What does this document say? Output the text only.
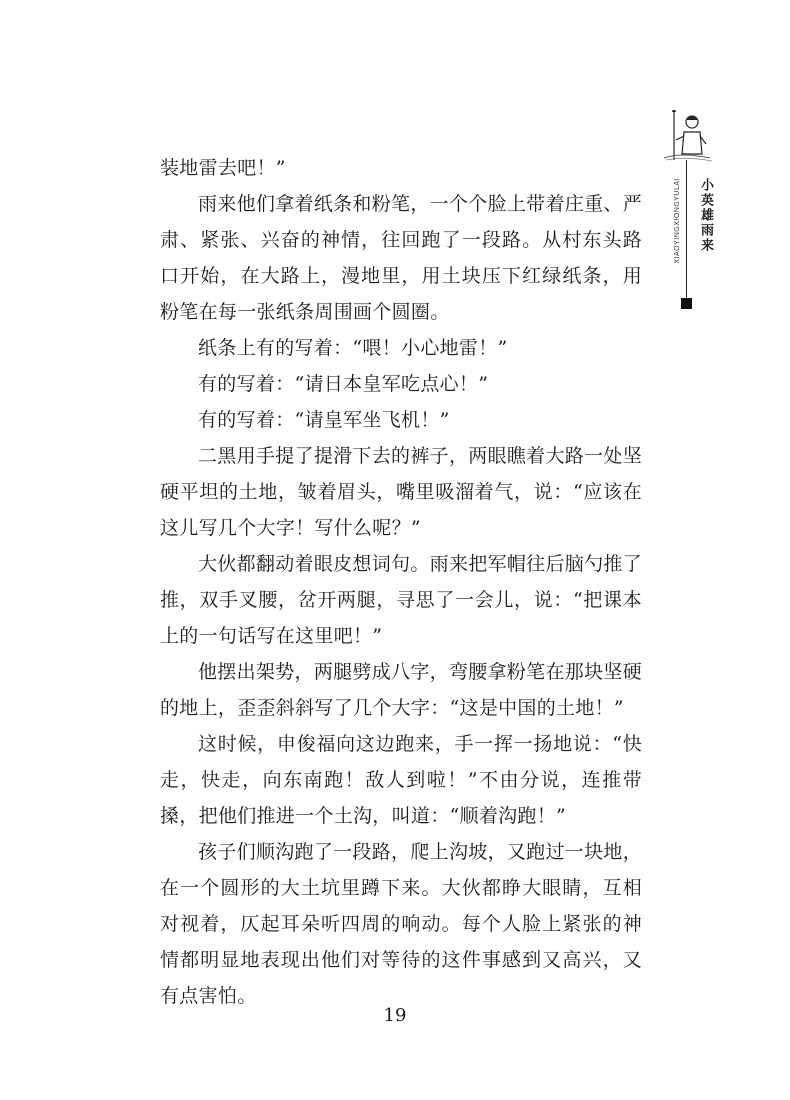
小英雄雨来
XIAOYINGXIONGYULAI

装地雷去吧！”

雨来他们拿着纸条和粉笔，一个个脸上带着庄重、严肃、紧张、兴奋的神情，往回跑了一段路。从村东头路口开始，在大路上，漫地里，用土块压下红绿纸条，用粉笔在每一张纸条周围画个圆圈。

纸条上有的写着：“喂！小心地雷！”

有的写着：“请日本皇军吃点心！”

有的写着：“请皇军坐飞机！”

二黑用手提了提滑下去的裤子，两眼瞧着大路一处坚硬平坦的土地，皱着眉头，嘴里吸溜着气，说：“应该在这儿写几个大字！写什么呢？”

大伙都翻动着眼皮想词句。雨来把军帽往后脑勺推了推，双手叉腰，岔开两腿，寻思了一会儿，说：“把课本上的一句话写在这里吧！”

他摆出架势，两腿劈成八字，弯腰拿粉笔在那块坚硬的地上，歪歪斜斜写了几个大字：“这是中国的土地！”

这时候，申俊福向这边跑来，手一挥一扬地说：“快走，快走，向东南跑！敌人到啦！”不由分说，连推带搡，把他们推进一个土沟，叫道：“顺着沟跑！”

孩子们顺沟跑了一段路，爬上沟坡，又跑过一块地，在一个圆形的大土坑里蹲下来。大伙都睁大眼睛，互相对视着，仄起耳朵听四周的响动。每个人脸上紧张的神情都明显地表现出他们对等待的这件事感到又高兴，又有点害怕。

19
